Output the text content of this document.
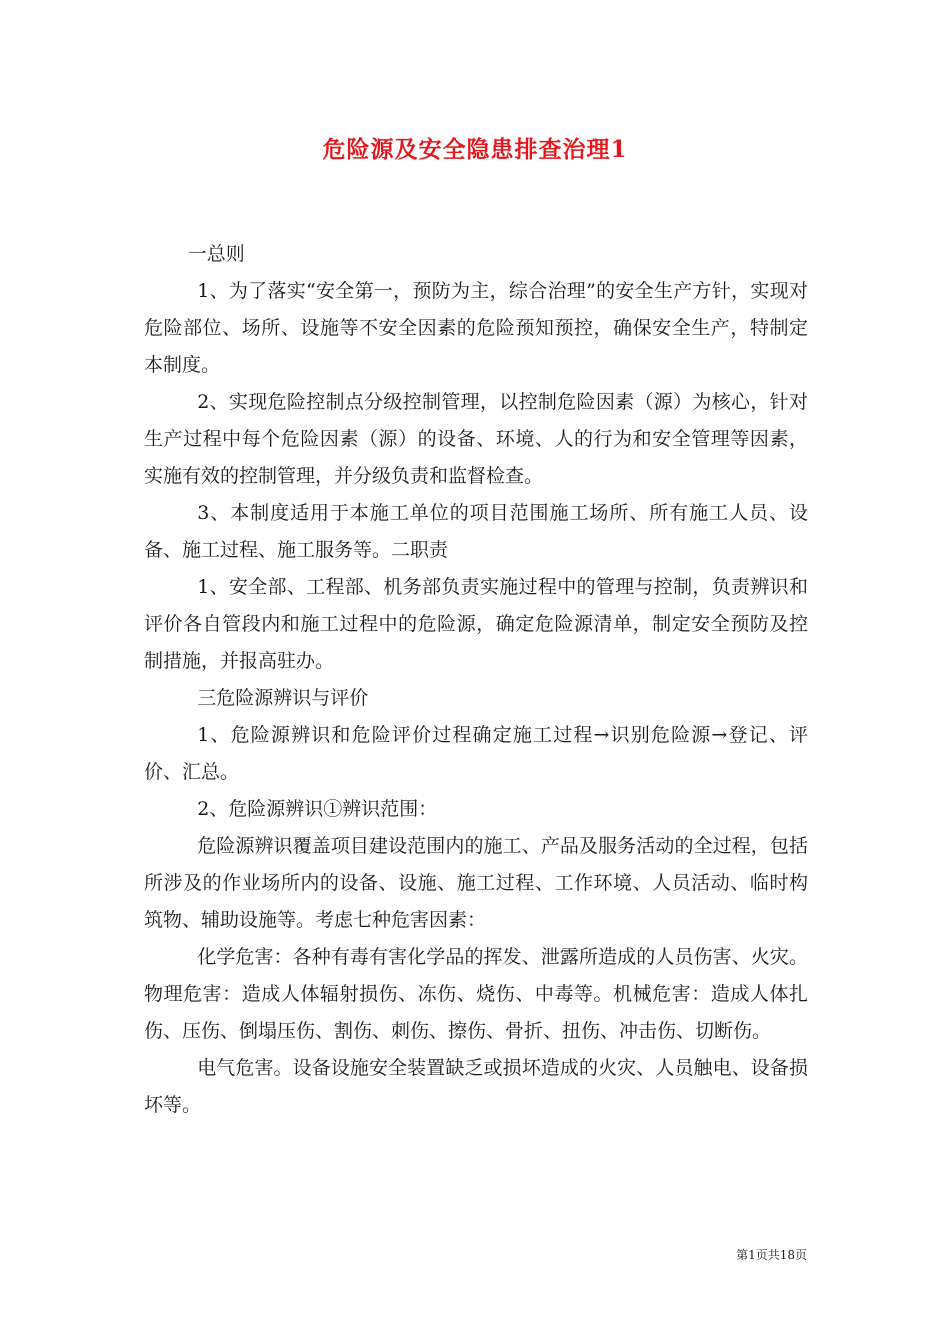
危险源及安全隐患排查治理1

一总则

1、为了落实“安全第一，预防为主，综合治理”的安全生产方针，实现对危险部位、场所、设施等不安全因素的危险预知预控，确保安全生产，特制定本制度。

2、实现危险控制点分级控制管理，以控制危险因素（源）为核心，针对生产过程中每个危险因素（源）的设备、环境、人的行为和安全管理等因素，实施有效的控制管理，并分级负责和监督检查。

3、本制度适用于本施工单位的项目范围施工场所、所有施工人员、设备、施工过程、施工服务等。二职责

1、安全部、工程部、机务部负责实施过程中的管理与控制，负责辨识和评价各自管段内和施工过程中的危险源，确定危险源清单，制定安全预防及控制措施，并报高驻办。

三危险源辨识与评价

1、危险源辨识和危险评价过程确定施工过程→识别危险源→登记、评价、汇总。

2、危险源辨识①辨识范围：

危险源辨识覆盖项目建设范围内的施工、产品及服务活动的全过程，包括所涉及的作业场所内的设备、设施、施工过程、工作环境、人员活动、临时构筑物、辅助设施等。考虑七种危害因素：

化学危害：各种有毒有害化学品的挥发、泄露所造成的人员伤害、火灾。物理危害：造成人体辐射损伤、冻伤、烧伤、中毒等。机械危害：造成人体扎伤、压伤、倒塌压伤、割伤、刺伤、擦伤、骨折、扭伤、冲击伤、切断伤。

电气危害。设备设施安全装置缺乏或损坏造成的火灾、人员触电、设备损坏等。

第1页共18页
